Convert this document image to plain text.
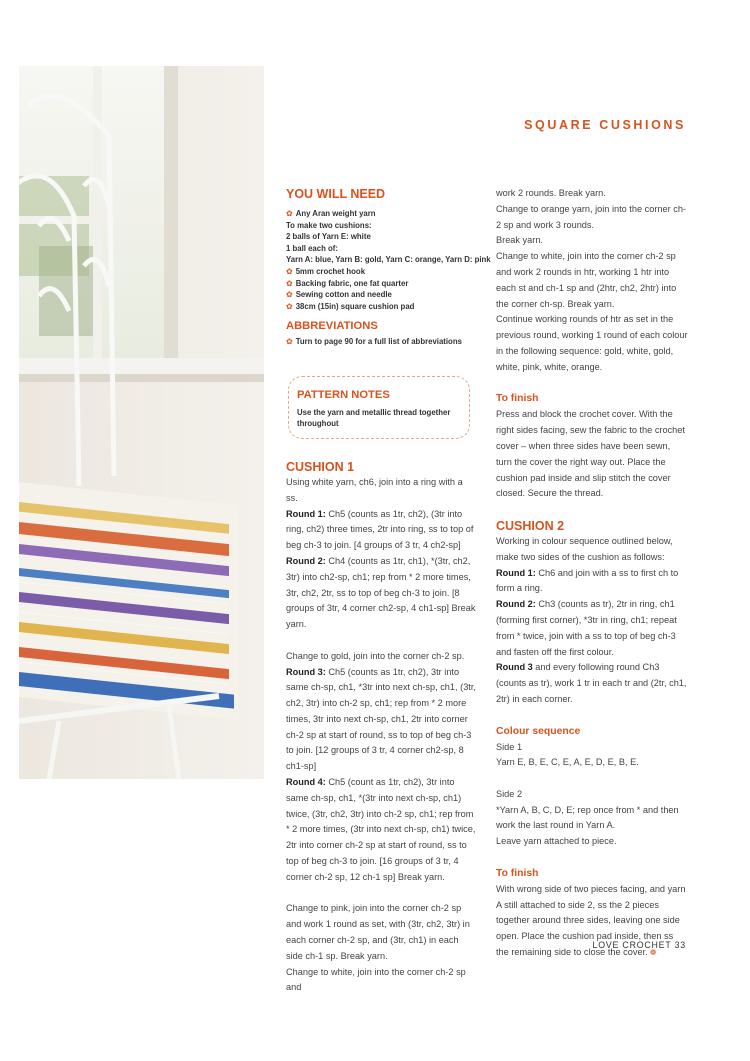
SQUARE CUSHIONS
YOU WILL NEED
✿ Any Aran weight yarn
To make two cushions:
2 balls of Yarn E: white
1 ball each of:
Yarn A: blue, Yarn B: gold, Yarn C: orange, Yarn D: pink
✿ 5mm crochet hook
✿ Backing fabric, one fat quarter
✿ Sewing cotton and needle
✿ 38cm (15in) square cushion pad
ABBREVIATIONS
✿ Turn to page 90 for a full list of abbreviations
PATTERN NOTES

Use the yarn and metallic thread together throughout

CUSHION 1

Using white yarn, ch6, join into a ring with a ss.

Round 1: Ch5 (counts as 1tr, ch2), (3tr into ring, ch2) three times, 2tr into ring, ss to top of beg ch-3 to join. [4 groups of 3 tr, 4 ch2-sp]

Round 2: Ch4 (counts as 1tr, ch1), *(3tr, ch2, 3tr) into ch2-sp, ch1; rep from * 2 more times, 3tr, ch2, 2tr, ss to top of beg ch-3 to join. [8 groups of 3tr, 4 corner ch2-sp, 4 ch1-sp] Break yarn.

Change to gold, join into the corner ch-2 sp.

Round 3: Ch5 (counts as 1tr, ch2), 3tr into same ch-sp, ch1, *3tr into next ch-sp, ch1, (3tr, ch2, 3tr) into ch-2 sp, ch1; rep from * 2 more times, 3tr into next ch-sp, ch1, 2tr into corner ch-2 sp at start of round, ss to top of beg ch-3 to join. [12 groups of 3 tr, 4 corner ch2-sp, 8 ch1-sp]

Round 4: Ch5 (count as 1tr, ch2), 3tr into same ch-sp, ch1, *(3tr into next ch-sp, ch1) twice, (3tr, ch2, 3tr) into ch-2 sp, ch1; rep from * 2 more times, (3tr into next ch-sp, ch1) twice, 2tr into corner ch-2 sp at start of round, ss to top of beg ch-3 to join. [16 groups of 3 tr, 4 corner ch-2 sp, 12 ch-1 sp] Break yarn.

Change to pink, join into the corner ch-2 sp and work 1 round as set, with (3tr, ch2, 3tr) in each corner ch-2 sp, and (3tr, ch1) in each side ch-1 sp. Break yarn.

Change to white, join into the corner ch-2 sp and

work 2 rounds. Break yarn.

Change to orange yarn, join into the corner ch-2 sp and work 3 rounds.

Break yarn.

Change to white, join into the corner ch-2 sp and work 2 rounds in htr, working 1 htr into each st and ch-1 sp and (2htr, ch2, 2htr) into the corner ch-sp. Break yarn.

Continue working rounds of htr as set in the previous round, working 1 round of each colour in the following sequence: gold, white, gold, white, pink, white, orange.

To finish

Press and block the crochet cover. With the right sides facing, sew the fabric to the crochet cover – when three sides have been sewn, turn the cover the right way out. Place the cushion pad inside and slip stitch the cover closed. Secure the thread.

CUSHION 2

Working in colour sequence outlined below, make two sides of the cushion as follows:

Round 1: Ch6 and join with a ss to first ch to form a ring.

Round 2: Ch3 (counts as tr), 2tr in ring, ch1 (forming first corner), *3tr in ring, ch1; repeat from * twice, join with a ss to top of beg ch-3 and fasten off the first colour.

Round 3 and every following round Ch3 (counts as tr), work 1 tr in each tr and (2tr, ch1, 2tr) in each corner.

Colour sequence

Side 1

Yarn E, B, E, C, E, A, E, D, E, B, E.

Side 2

*Yarn A, B, C, D, E; rep once from * and then work the last round in Yarn A.

Leave yarn attached to piece.

To finish

With wrong side of two pieces facing, and yarn A still attached to side 2, ss the 2 pieces together around three sides, leaving one side open. Place the cushion pad inside, then ss the remaining side to close the cover. ❁

LOVE CROCHET 33
